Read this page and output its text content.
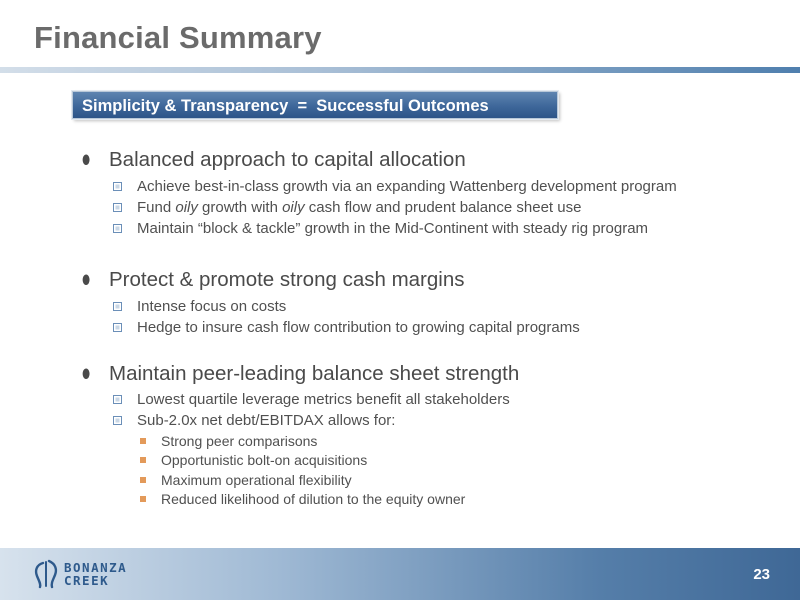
Financial Summary
Simplicity & Transparency  =  Successful Outcomes
⬮ Balanced approach to capital allocation
Achieve best-in-class growth via an expanding Wattenberg development program
Fund oily growth with oily cash flow and prudent balance sheet use
Maintain “block & tackle” growth in the Mid-Continent with steady rig program
⬮ Protect & promote strong cash margins
Intense focus on costs
Hedge to insure cash flow contribution to growing capital programs
⬮ Maintain peer-leading balance sheet strength
Lowest quartile leverage metrics benefit all stakeholders
Sub-2.0x net debt/EBITDAX allows for:
Strong peer comparisons
Opportunistic bolt-on acquisitions
Maximum operational flexibility
Reduced likelihood of dilution to the equity owner
BONANZA
CREEK	23
